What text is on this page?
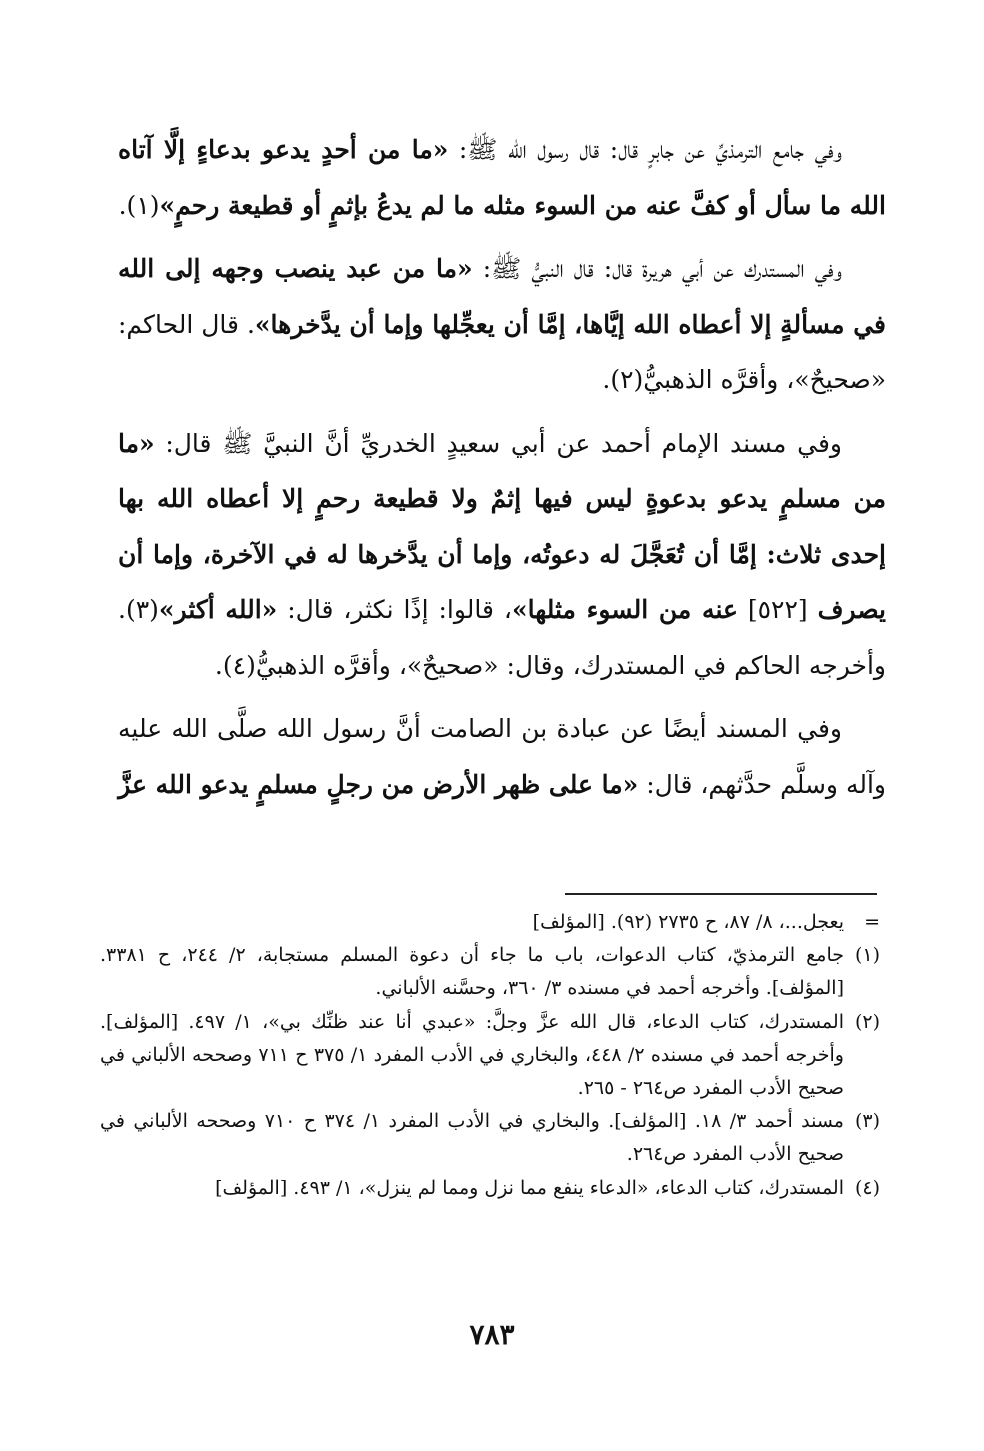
وفي جامع الترمذيِّ عن جابرٍ قال: قال رسول الله ﷺ: «ما من أحدٍ يدعو بدعاءٍ إلَّا آتاه الله ما سأل أو كفَّ عنه من السوء مثله ما لم يدعُ بإثمٍ أو قطيعة رحمٍ»(١).

وفي المستدرك عن أبي هريرة قال: قال النبيُّ ﷺ: «ما من عبد ينصب وجهه إلى الله في مسألةٍ إلا أعطاه الله إيَّاها، إمَّا أن يعجِّلها وإما أن يدَّخرها». قال الحاكم: «صحيحٌ»، وأقرَّه الذهبيُّ(٢).

وفي مسند الإمام أحمد عن أبي سعيدٍ الخدريِّ أنَّ النبيَّ ﷺ قال: «ما من مسلمٍ يدعو بدعوةٍ ليس فيها إثمٌ ولا قطيعة رحمٍ إلا أعطاه الله بها إحدى ثلاث: إمَّا أن تُعَجَّلَ له دعوتُه، وإما أن يدَّخرها له في الآخرة، وإما أن يصرف [٥٢٢] عنه من السوء مثلها»، قالوا: إذًا نكثر، قال: «الله أكثر»(٣). وأخرجه الحاكم في المستدرك، وقال: «صحيحٌ»، وأقرَّه الذهبيُّ(٤).

وفي المسند أيضًا عن عبادة بن الصامت أنَّ رسول الله صلَّى الله عليه وآله وسلَّم حدَّثهم، قال: «ما على ظهر الأرض من رجلٍ مسلمٍ يدعو الله عزَّ

=
يعجل...، ٨/ ٨٧، ح ٢٧٣٥ (٩٢). [المؤلف]
(١)
جامع الترمذيّ، كتاب الدعوات، باب ما جاء أن دعوة المسلم مستجابة، ٢/ ٢٤٤، ح ٣٣٨١. [المؤلف]. وأخرجه أحمد في مسنده ٣/ ٣٦٠، وحسَّنه الألباني.
(٢)
المستدرك، كتاب الدعاء، قال الله عزَّ وجلَّ: «عبدي أنا عند ظنِّك بي»، ١/ ٤٩٧. [المؤلف]. وأخرجه أحمد في مسنده ٢/ ٤٤٨، والبخاري في الأدب المفرد ١/ ٣٧٥ ح ٧١١ وصححه الألباني في صحيح الأدب المفرد ص٢٦٤ - ٢٦٥.
(٣)
مسند أحمد ٣/ ١٨. [المؤلف]. والبخاري في الأدب المفرد ١/ ٣٧٤ ح ٧١٠ وصححه الألباني في صحيح الأدب المفرد ص٢٦٤.
(٤)
المستدرك، كتاب الدعاء، «الدعاء ينفع مما نزل ومما لم ينزل»، ١/ ٤٩٣. [المؤلف]
٧٨٣
